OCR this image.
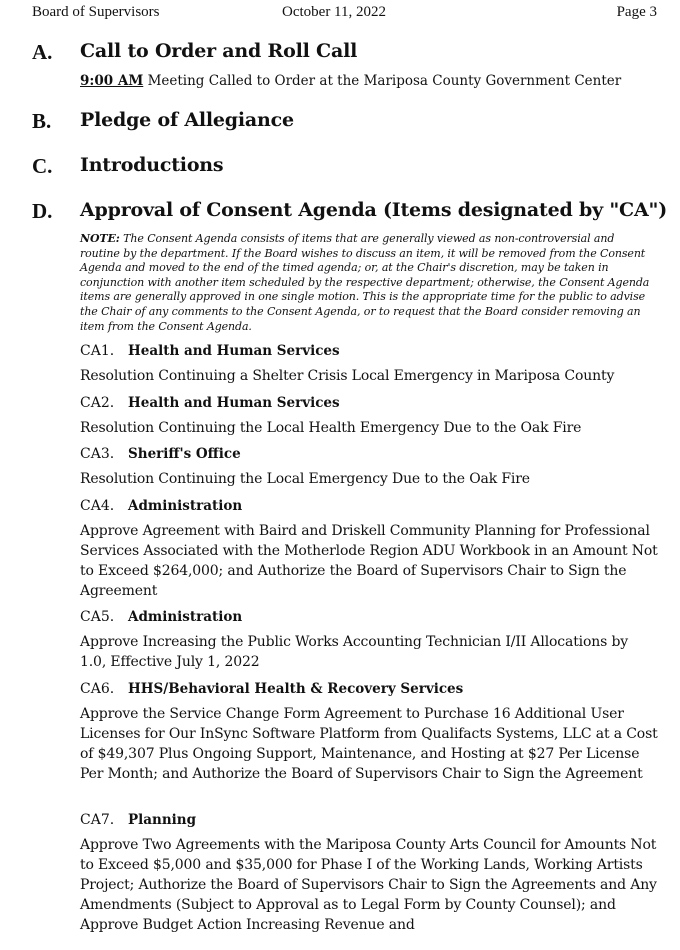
Board of Supervisors	October 11, 2022	Page 3
A. Call to Order and Roll Call
9:00 AM Meeting Called to Order at the Mariposa County Government Center
B. Pledge of Allegiance
C. Introductions
D. Approval of Consent Agenda (Items designated by "CA")
NOTE: The Consent Agenda consists of items that are generally viewed as non-controversial and routine by the department. If the Board wishes to discuss an item, it will be removed from the Consent Agenda and moved to the end of the timed agenda; or, at the Chair's discretion, may be taken in conjunction with another item scheduled by the respective department; otherwise, the Consent Agenda items are generally approved in one single motion. This is the appropriate time for the public to advise the Chair of any comments to the Consent Agenda, or to request that the Board consider removing an item from the Consent Agenda.
CA1. Health and Human Services
Resolution Continuing a Shelter Crisis Local Emergency in Mariposa County
CA2. Health and Human Services
Resolution Continuing the Local Health Emergency Due to the Oak Fire
CA3. Sheriff's Office
Resolution Continuing the Local Emergency Due to the Oak Fire
CA4. Administration
Approve Agreement with Baird and Driskell Community Planning for Professional Services Associated with the Motherlode Region ADU Workbook in an Amount Not to Exceed $264,000; and Authorize the Board of Supervisors Chair to Sign the Agreement
CA5. Administration
Approve Increasing the Public Works Accounting Technician I/II Allocations by 1.0, Effective July 1, 2022
CA6. HHS/Behavioral Health & Recovery Services
Approve the Service Change Form Agreement to Purchase 16 Additional User Licenses for Our InSync Software Platform from Qualifacts Systems, LLC at a Cost of $49,307 Plus Ongoing Support, Maintenance, and Hosting at $27 Per License Per Month; and Authorize the Board of Supervisors Chair to Sign the Agreement
CA7. Planning
Approve Two Agreements with the Mariposa County Arts Council for Amounts Not to Exceed $5,000 and $35,000 for Phase I of the Working Lands, Working Artists Project; Authorize the Board of Supervisors Chair to Sign the Agreements and Any Amendments (Subject to Approval as to Legal Form by County Counsel); and Approve Budget Action Increasing Revenue and
